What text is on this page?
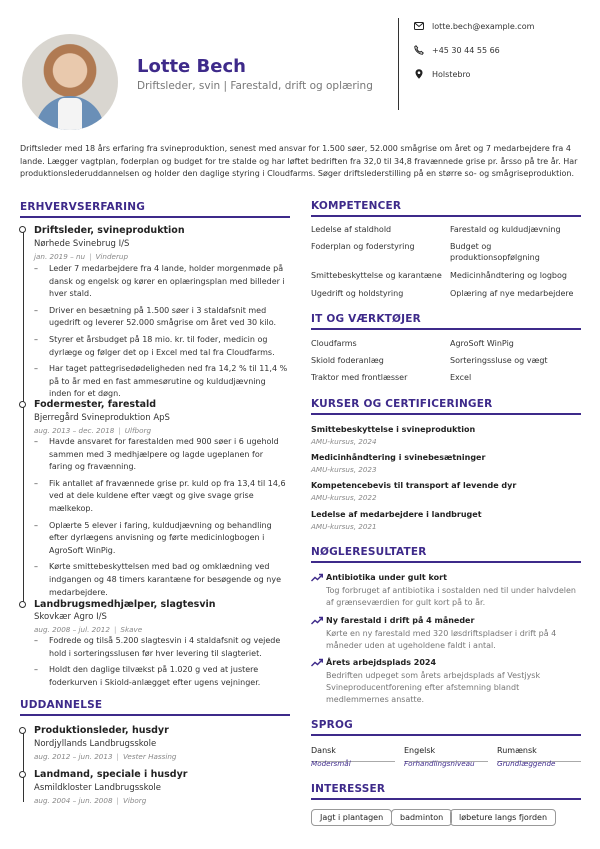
Lotte Bech
Driftsleder, svin | Farestald, drift og oplæring
lotte.bech@example.com
+45 30 44 55 66
Holstebro

Driftsleder med 18 års erfaring fra svineproduktion, senest med ansvar for 1.500 søer, 52.000 smågrise om året og 7 medarbejdere fra 4 lande. Lægger vagtplan, foderplan og budget for tre stalde og har løftet bedriften fra 32,0 til 34,8 fravænnede grise pr. årsso på tre år. Har produktionslederuddannelsen og holder den daglige styring i Cloudfarms. Søger driftslederstilling på en større so- og smågriseproduktion.

ERHVERVSERFARING
Driftsleder, svineproduktion
Nørhede Svinebrug I/S
jan. 2019 – nu | Vinderup
– Leder 7 medarbejdere fra 4 lande, holder morgenmøde på dansk og engelsk og kører en oplæringsplan med billeder i hver stald.
– Driver en besætning på 1.500 søer i 3 staldafsnit med ugedrift og leverer 52.000 smågrise om året ved 30 kilo.
– Styrer et årsbudget på 18 mio. kr. til foder, medicin og dyrlæge og følger det op i Excel med tal fra Cloudfarms.
– Har taget pattegrisedødeligheden ned fra 14,2 % til 11,4 % på to år med en fast ammesørutine og kuldudjævning inden for et døgn.
Fodermester, farestald
Bjerregård Svineproduktion ApS
aug. 2013 – dec. 2018 | Ulfborg
– Havde ansvaret for farestalden med 900 søer i 6 ugehold sammen med 3 medhjælpere og lagde ugeplanen for faring og fravænning.
– Fik antallet af fravænnede grise pr. kuld op fra 13,4 til 14,6 ved at dele kuldene efter vægt og give svage grise mælkekop.
– Oplærte 5 elever i faring, kuldudjævning og behandling efter dyrlægens anvisning og førte medicinlogbogen i AgroSoft WinPig.
– Kørte smittebeskyttelsen med bad og omklædning ved indgangen og 48 timers karantæne for besøgende og nye medarbejdere.
Landbrugsmedhjælper, slagtesvin
Skovkær Agro I/S
aug. 2008 – jul. 2012 | Skave
– Fodrede og tilså 5.200 slagtesvin i 4 staldafsnit og vejede hold i sorteringsslusen før hver levering til slagteriet.
– Holdt den daglige tilvækst på 1.020 g ved at justere foderkurven i Skiold-anlægget efter ugens vejninger.
UDDANNELSE
Produktionsleder, husdyr
Nordjyllands Landbrugsskole
aug. 2012 – jun. 2013 | Vester Hassing
Landmand, speciale i husdyr
Asmildkloster Landbrugsskole
aug. 2004 – jun. 2008 | Viborg
KOMPETENCER
Ledelse af staldhold	Farestald og kuldudjævning
Foderplan og foderstyring	Budget og produktionsopfølgning
Smittebeskyttelse og karantæne	Medicinhåndtering og logbog
Ugedrift og holdstyring	Oplæring af nye medarbejdere
IT OG VÆRKTØJER
Cloudfarms	AgroSoft WinPig
Skiold foderanlæg	Sorteringssluse og vægt
Traktor med frontlæsser	Excel
KURSER OG CERTIFICERINGER
Smittebeskyttelse i svineproduktion
AMU-kursus, 2024
Medicinhåndtering i svinebesætninger
AMU-kursus, 2023
Kompetencebevis til transport af levende dyr
AMU-kursus, 2022
Ledelse af medarbejdere i landbruget
AMU-kursus, 2021
NØGLERESULTATER
Antibiotika under gult kort
Tog forbruget af antibiotika i sostalden ned til under halvdelen af grænseværdien for gult kort på to år.
Ny farestald i drift på 4 måneder
Kørte en ny farestald med 320 løsdriftspladser i drift på 4 måneder uden at ugeholdene faldt i antal.
Årets arbejdsplads 2024
Bedriften udpeget som årets arbejdsplads af Vestjysk Svineproducentforening efter afstemning blandt medlemmernes ansatte.
SPROG
Dansk
Modersmål
Engelsk
Forhandlingsniveau
Rumænsk
Grundlæggende
INTERESSER
Jagt i plantagen	badminton	løbeture langs fjorden
